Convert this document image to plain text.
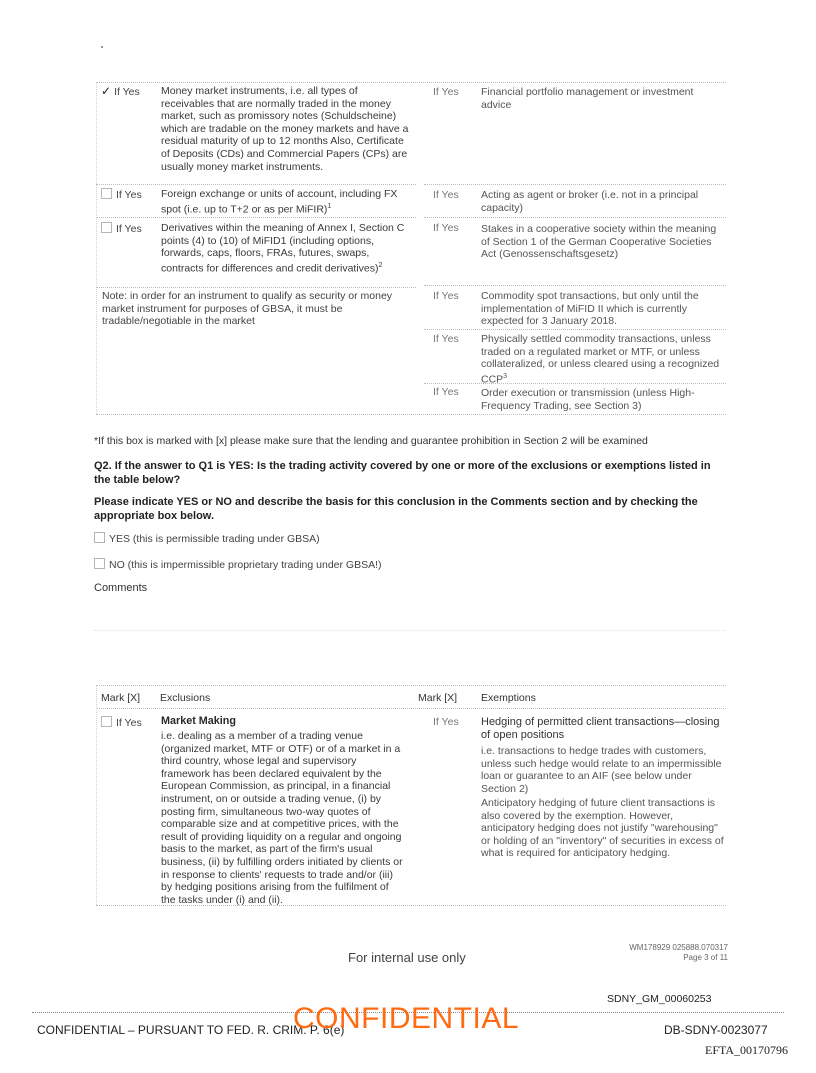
✓ If Yes Money market instruments, i.e. all types of receivables that are normally traded in the money market, such as promissory notes (Schuldscheine) which are tradable on the money markets and have a residual maturity of up to 12 months Also, Certificate of Deposits (CDs) and Commercial Papers (CPs) are usually money market instruments.
If Yes Foreign exchange or units of account, including FX spot (i.e. up to T+2 or as per MiFIR)$^1$
If Yes Derivatives within the meaning of Annex I, Section C points (4) to (10) of MiFID1 (including options, forwards, caps, floors, FRAs, futures, swaps, contracts for differences and credit derivatives)$^2$
Note: in order for an instrument to qualify as security or money market instrument for purposes of GBSA, it must be tradable/negotiable in the market
If Yes Financial portfolio management or investment advice
If Yes Acting as agent or broker (i.e. not in a principal capacity)
If Yes Stakes in a cooperative society within the meaning of Section 1 of the German Cooperative Societies Act (Genossenschaftsgesetz)
If Yes Commodity spot transactions, but only until the implementation of MiFID II which is currently expected for 3 January 2018.
If Yes Physically settled commodity transactions, unless traded on a regulated market or MTF, or unless collateralized, or unless cleared using a recognized CCP$^3$
If Yes Order execution or transmission (unless High-Frequency Trading, see Section 3)
*If this box is marked with [x] please make sure that the lending and guarantee prohibition in Section 2 will be examined
Q2. If the answer to Q1 is YES: Is the trading activity covered by one or more of the exclusions or exemptions listed in the table below?
Please indicate YES or NO and describe the basis for this conclusion in the Comments section and by checking the appropriate box below.
YES (this is permissible trading under GBSA)
NO (this is impermissible proprietary trading under GBSA!)
Comments
Mark [X] Exclusions	Mark [X] Exemptions
If Yes Market Making
i.e. dealing as a member of a trading venue (organized market, MTF or OTF) or of a market in a third country, whose legal and supervisory framework has been declared equivalent by the European Commission, as principal, in a financial instrument, on or outside a trading venue, (i) by posting firm, simultaneous two-way quotes of comparable size and at competitive prices, with the result of providing liquidity on a regular and ongoing basis to the market, as part of the firm's usual business, (ii) by fulfilling orders initiated by clients or in response to clients' requests to trade and/or (iii) by hedging positions arising from the fulfilment of the tasks under (i) and (ii).
If Yes Hedging of permitted client transactions—closing of open positions
i.e. transactions to hedge trades with customers, unless such hedge would relate to an impermissible loan or guarantee to an AIF (see below under Section 2)
Anticipatory hedging of future client transactions is also covered by the exemption. However, anticipatory hedging does not justify "warehousing" or holding of an "inventory" of securities in excess of what is required for anticipatory hedging.
For internal use only
WM178929 025888.070317
Page 3 of 11
SDNY_GM_00060253
CONFIDENTIAL – PURSUANT TO FED. R. CRIM. P. 6(e)
CONFIDENTIAL	DB-SDNY-0023077
EFTA_00170796
